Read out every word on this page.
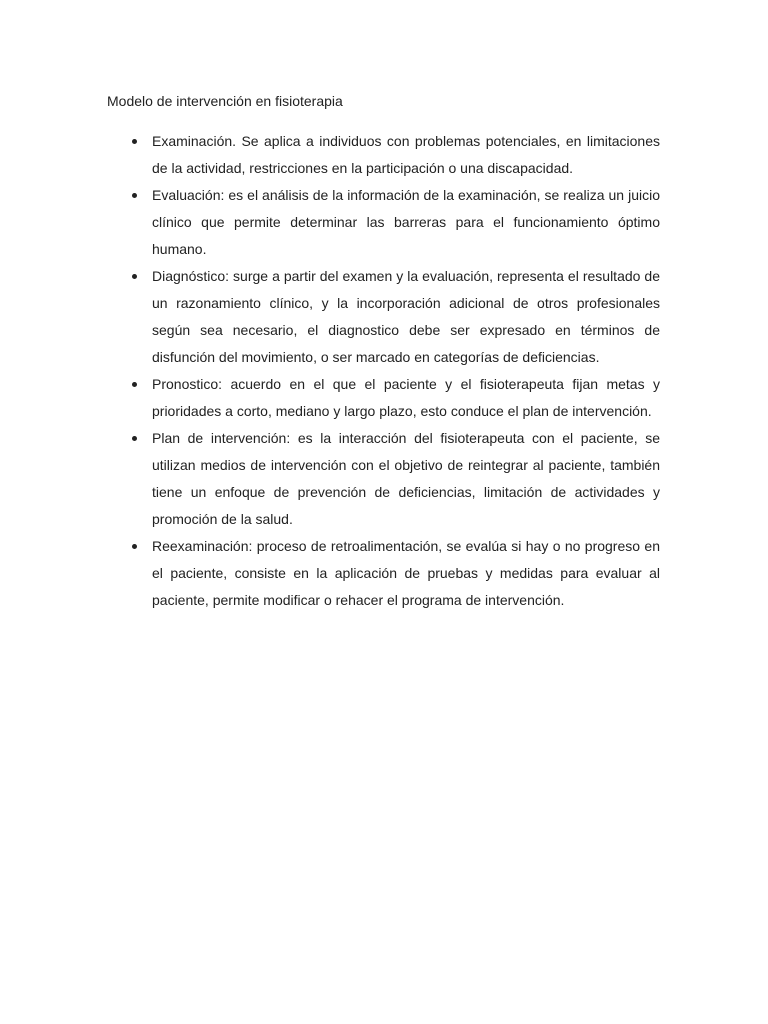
Modelo de intervención en fisioterapia
Examinación. Se aplica a individuos con problemas potenciales, en limitaciones de la actividad, restricciones en la participación o una discapacidad.
Evaluación: es el análisis de la información de la examinación, se realiza un juicio clínico que permite determinar las barreras para el funcionamiento óptimo humano.
Diagnóstico: surge a partir del examen y la evaluación, representa el resultado de un razonamiento clínico, y la incorporación adicional de otros profesionales según sea necesario, el diagnostico debe ser expresado en términos de disfunción del movimiento, o ser marcado en categorías de deficiencias.
Pronostico: acuerdo en el que el paciente y el fisioterapeuta fijan metas y prioridades a corto, mediano y largo plazo, esto conduce el plan de intervención.
Plan de intervención: es la interacción del fisioterapeuta con el paciente, se utilizan medios de intervención con el objetivo de reintegrar al paciente, también tiene un enfoque de prevención de deficiencias, limitación de actividades y promoción de la salud.
Reexaminación: proceso de retroalimentación, se evalúa si hay o no progreso en el paciente, consiste en la aplicación de pruebas y medidas para evaluar al paciente, permite modificar o rehacer el programa de intervención.
